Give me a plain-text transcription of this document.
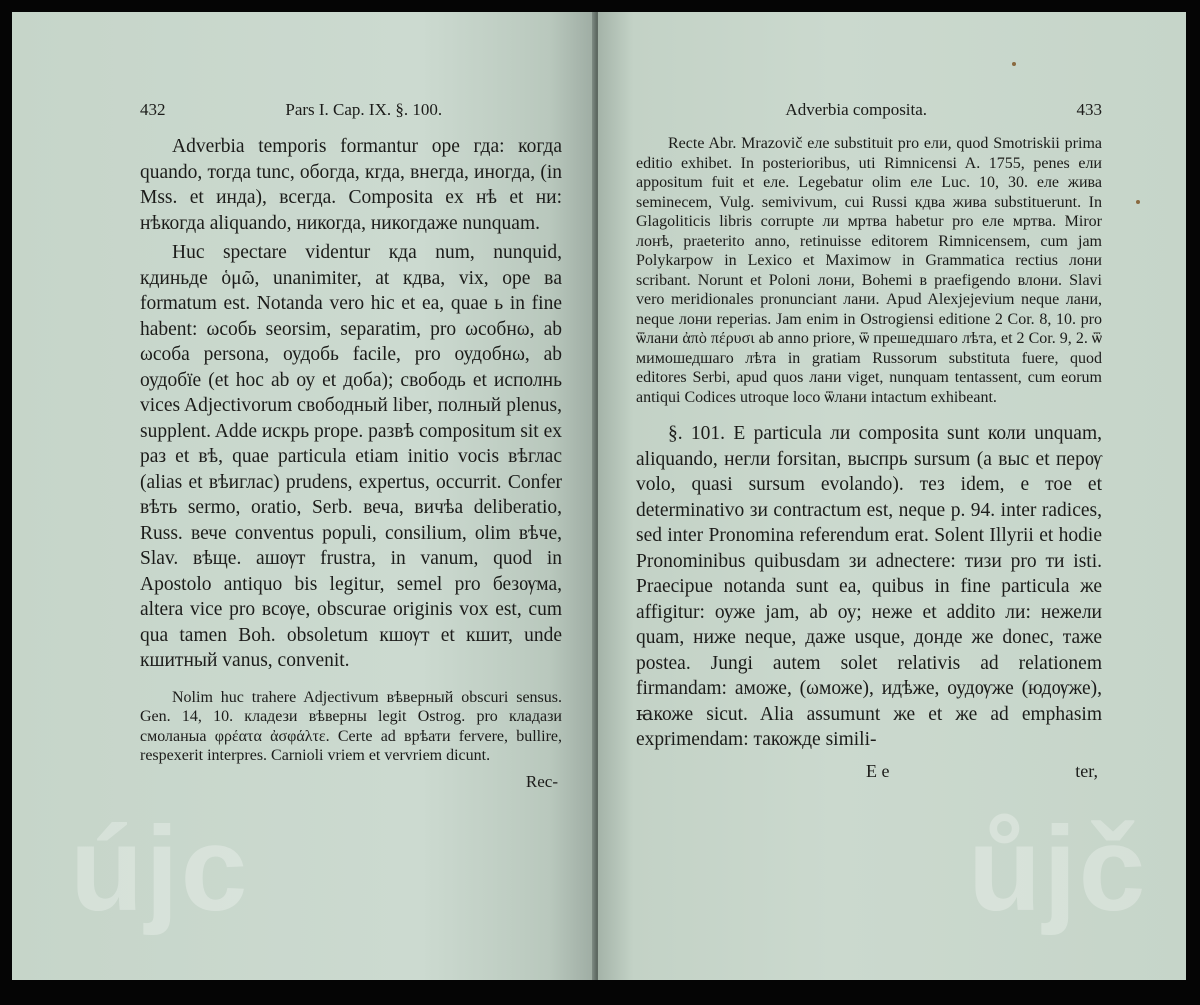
432	Pars I. Cap. IX. §. 100.

Adverbia temporis formantur ope гдa: когдa quando, тогдa tunc, обогдa, кгдa, внегдa, инoгдa, (in Mss. et индa), вcегдa. Composita ex нѣ et ни: нѣкогдa aliquando, никогдa, никогдажe nunquam.

Huc spectare videntur кдa num, nunquid, кдиньдe ὁμῶ, unanimiter, at кдвa, vix, ope вa formatum est. Notanda vero hic et ea, quae ь in fine habent: ωсобь seorsim, separatim, pro ωсобнω, ab ωсобa persona, оудобь facile, pro оудобнω, ab оудобїе (et hoc ab оу et добa); свободь et исполнь vices Adjectivorum свободный liber, полный plenus, supplent. Adde искрь prope. развѣ compositum sit ex раз et вѣ, quae particula etiam initio vocis вѣглас (alias et вѣиглас) prudens, expertus, occurrit. Confer вѣть sermo, oratio, Serb. вечa, вичѣa deliberatio, Russ. вече conventus populi, consilium, olim вѣче, Slav. вѣще. ашѹт frustra, in vanum, quod in Apostolo antiquo bis legitur, semel pro безѹма, altera vice pro всѹе, obscurae originis vox est, cum qua tamen Boh. obsoletum кшѹт et кшит, unde кшитный vanus, convenit.

Nolim huc trahere Adjectivum вѣверный obscuri sensus. Gen. 14, 10. кладези вѣверны legit Ostrog. pro кладази смоланыa φρέατα ἀσφάλτε. Certe ad врѣати fervere, bullire, respexerit interpres. Carnioli vriem et vervriem dicunt.

Rec-
Adverbia composita.	433

Recte Abr. Mrazovič еле substituit pro ели, quod Smotriskii prima editio exhibet. In posterioribus, uti Rimnicensi A. 1755, penes ели appositum fuit et еле. Legebatur olim еле Luc. 10, 30. еле жива seminecem, Vulg. semivivum, cui Russi кдва жива substituerunt. In Glagoliticis libris corrupte ли мртва habetur pro еле мртва. Miror лонѣ, praeterito anno, retinuisse editorem Rimnicensem, cum jam Polykarpow in Lexico et Maximow in Grammatica rectius лони scribant. Norunt et Poloni лони, Bohemi в praefigendo влони. Slavi vero meridionales pronunciant лани. Apud Alexjejevium neque лани, neque лони reperias. Jam enim in Ostrogiensi editione 2 Cor. 8, 10. pro ѿлани ἀπὸ πέρυσι ab anno priore, ѿ прешедшаго лѣта, et 2 Cor. 9, 2. ѿ мимошедшаго лѣта in gratiam Russorum substituta fuere, quod editores Serbi, apud quos лани viget, nunquam tentassent, cum eorum antiqui Codices utroque loco ѿлани intactum exhibeant.

§. 101. E particula ли composita sunt коли unquam, aliquando, негли forsitan, выспрь sursum (а выс et перѹ volo, quasi sursum evolando). тез idem, e тое et determinativo зи contractum est, neque p. 94. inter radices, sed inter Pronomina referendum erat. Solent Illyrii et hodie Pronominibus quibusdam зи adnectere: тизи pro ти isti. Praecipue notanda sunt ea, quibus in fine particula же affigitur: оуже jam, ab оу; неже et addito ли: нежели quam, ниже neque, даже usque, донде же donec, таже postea. Jungi autem solet relativis ad relationem firmandam: аможе, (ωможе), идѣже, оудѹже (юдѹже), ꙗкоже sicut. Alia assumunt же et же ad emphasim exprimendam: такожде simili-

E e	ter,
újc	ůjč
